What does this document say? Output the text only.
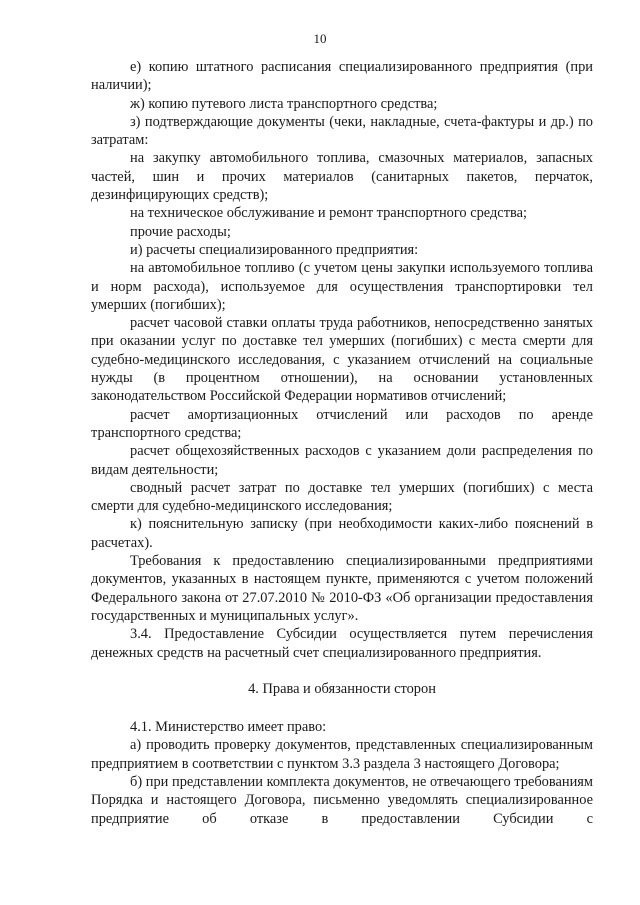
10

е) копию штатного расписания специализированного предприятия (при наличии);

ж) копию путевого листа транспортного средства;

з) подтверждающие документы (чеки, накладные, счета-фактуры и др.) по затратам:

на закупку автомобильного топлива, смазочных материалов, запасных частей, шин и прочих материалов (санитарных пакетов, перчаток, дезинфицирующих средств);

на техническое обслуживание и ремонт транспортного средства;

прочие расходы;

и) расчеты специализированного предприятия:

на автомобильное топливо (с учетом цены закупки используемого топлива и норм расхода), используемое для осуществления транспортировки тел умерших (погибших);

расчет часовой ставки оплаты труда работников, непосредственно занятых при оказании услуг по доставке тел умерших (погибших) с места смерти для судебно-медицинского исследования, с указанием отчислений на социальные нужды (в процентном отношении), на основании установленных законодательством Российской Федерации нормативов отчислений;

расчет амортизационных отчислений или расходов по аренде транспортного средства;

расчет общехозяйственных расходов с указанием доли распределения по видам деятельности;

сводный расчет затрат по доставке тел умерших (погибших) с места смерти для судебно-медицинского исследования;

к) пояснительную записку (при необходимости каких-либо пояснений в расчетах).

Требования к предоставлению специализированными предприятиями документов, указанных в настоящем пункте, применяются с учетом положений Федерального закона от 27.07.2010 № 2010-ФЗ «Об организации предоставления государственных и муниципальных услуг».

3.4. Предоставление Субсидии осуществляется путем перечисления денежных средств на расчетный счет специализированного предприятия.

4. Права и обязанности сторон

4.1. Министерство имеет право:

а) проводить проверку документов, представленных специализированным предприятием в соответствии с пунктом 3.3 раздела 3 настоящего Договора;

б) при представлении комплекта документов, не отвечающего требованиям Порядка и настоящего Договора, письменно уведомлять специализированное предприятие об отказе в предоставлении Субсидии с
